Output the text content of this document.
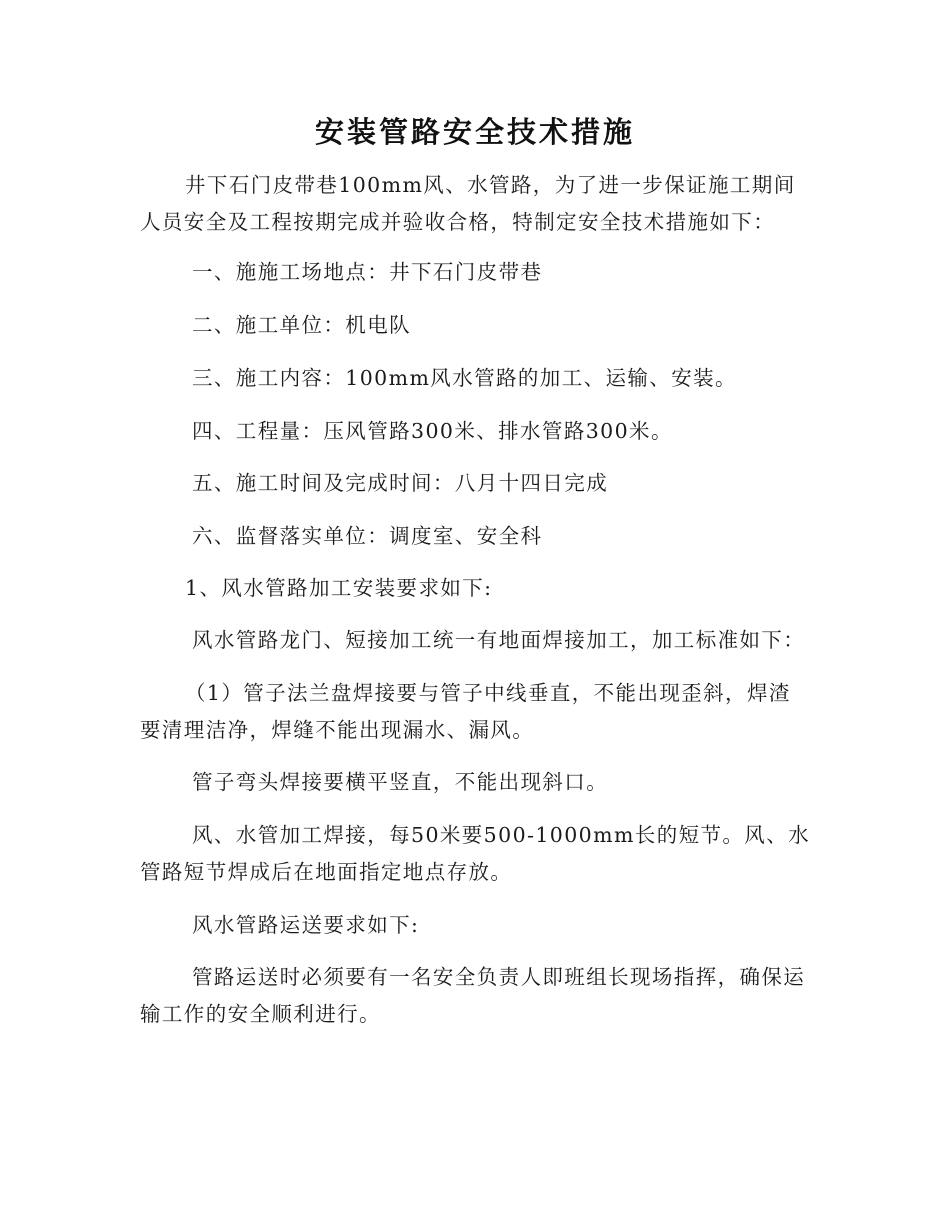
安装管路安全技术措施

井下石门皮带巷100mm风、水管路，为了进一步保证施工期间人员安全及工程按期完成并验收合格，特制定安全技术措施如下：

一、施施工场地点：井下石门皮带巷

二、施工单位：机电队

三、施工内容：100mm风水管路的加工、运输、安装。

四、工程量：压风管路300米、排水管路300米。

五、施工时间及完成时间：八月十四日完成

六、监督落实单位：调度室、安全科

1、风水管路加工安装要求如下:

风水管路龙门、短接加工统一有地面焊接加工，加工标准如下：

（1）管子法兰盘焊接要与管子中线垂直，不能出现歪斜，焊渣要清理洁净，焊缝不能出现漏水、漏风。

管子弯头焊接要横平竖直，不能出现斜口。

风、水管加工焊接，每50米要500-1000mm长的短节。风、水管路短节焊成后在地面指定地点存放。

风水管路运送要求如下:

管路运送时必须要有一名安全负责人即班组长现场指挥，确保运输工作的安全顺利进行。
